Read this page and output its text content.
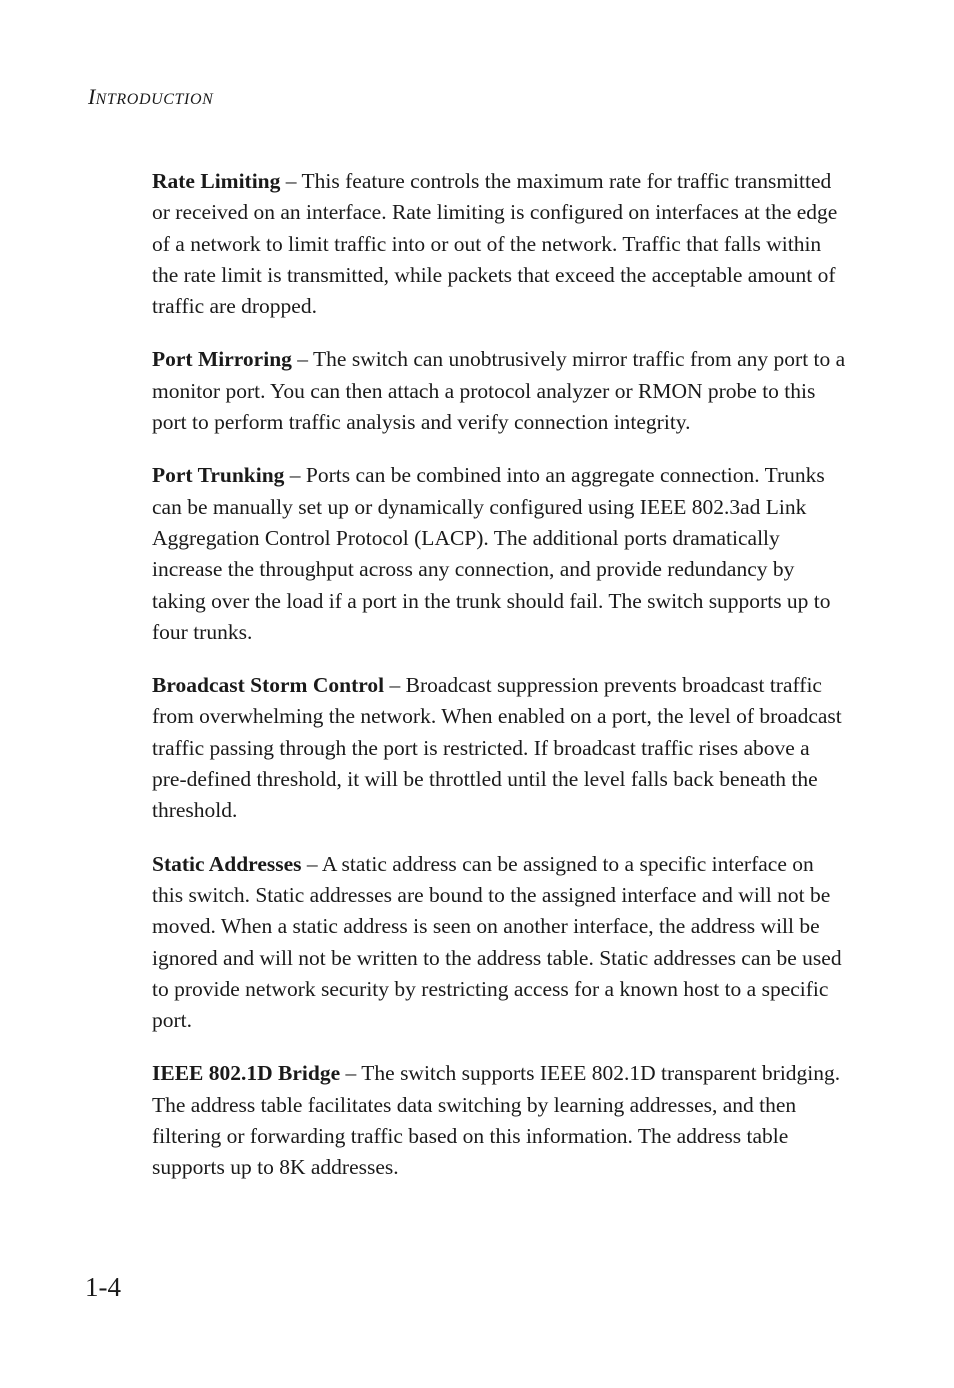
INTRODUCTION

Rate Limiting – This feature controls the maximum rate for traffic transmitted or received on an interface. Rate limiting is configured on interfaces at the edge of a network to limit traffic into or out of the network. Traffic that falls within the rate limit is transmitted, while packets that exceed the acceptable amount of traffic are dropped.

Port Mirroring – The switch can unobtrusively mirror traffic from any port to a monitor port. You can then attach a protocol analyzer or RMON probe to this port to perform traffic analysis and verify connection integrity.

Port Trunking – Ports can be combined into an aggregate connection. Trunks can be manually set up or dynamically configured using IEEE 802.3ad Link Aggregation Control Protocol (LACP). The additional ports dramatically increase the throughput across any connection, and provide redundancy by taking over the load if a port in the trunk should fail. The switch supports up to four trunks.

Broadcast Storm Control – Broadcast suppression prevents broadcast traffic from overwhelming the network. When enabled on a port, the level of broadcast traffic passing through the port is restricted. If broadcast traffic rises above a pre-defined threshold, it will be throttled until the level falls back beneath the threshold.

Static Addresses – A static address can be assigned to a specific interface on this switch. Static addresses are bound to the assigned interface and will not be moved. When a static address is seen on another interface, the address will be ignored and will not be written to the address table. Static addresses can be used to provide network security by restricting access for a known host to a specific port.

IEEE 802.1D Bridge – The switch supports IEEE 802.1D transparent bridging. The address table facilitates data switching by learning addresses, and then filtering or forwarding traffic based on this information. The address table supports up to 8K addresses.

1-4
